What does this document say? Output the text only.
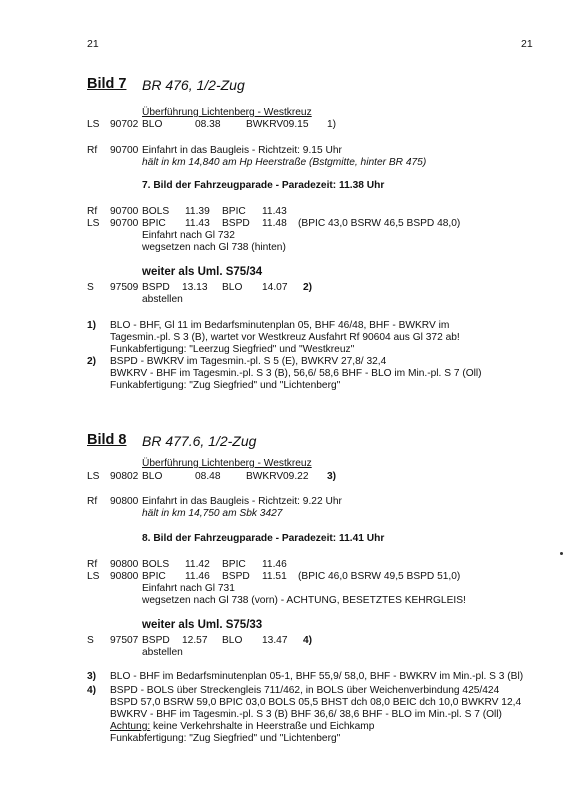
21	21
Bild 7 BR 476, 1/2-Zug
Überführung Lichtenberg - Westkreuz
LS 90702 BLO	08.38	BWKRV 09.15 1)
Rf 90700 Einfahrt in das Baugleis - Richtzeit: 9.15 Uhr
hält in km 14,840 am Hp Heerstraße (Bstgmitte, hinter BR 475)
7. Bild der Fahrzeugparade - Paradezeit: 11.38 Uhr
Rf 90700 BOLS 11.39 BPIC 11.43
LS 90700 BPIC 11.43 BSPD 11.48 (BPIC 43,0 BSRW 46,5 BSPD 48,0)
Einfahrt nach Gl 732
wegsetzen nach Gl 738 (hinten)
weiter als Uml. S75/34
S 97509 BSPD 13.13 BLO 14.07 2)
abstellen
1) BLO - BHF, Gl 11 im Bedarfsminutenplan 05, BHF 46/48, BHF - BWKRV im
Tagesmin.-pl. S 3 (B), wartet vor Westkreuz Ausfahrt Rf 90604 aus Gl 372 ab!
Funkabfertigung: "Leerzug Siegfried" und "Westkreuz"
2) BSPD - BWKRV im Tagesmin.-pl. S 5 (E), BWKRV 27,8/ 32,4
BWKRV - BHF im Tagesmin.-pl. S 3 (B), 56,6/ 58,6 BHF - BLO im Min.-pl. S 7 (Oll)
Funkabfertigung: "Zug Siegfried" und "Lichtenberg"
Bild 8 BR 477.6, 1/2-Zug
Überführung Lichtenberg - Westkreuz
LS 90802 BLO	08.48	BWKRV 09.22 3)
Rf 90800 Einfahrt in das Baugleis - Richtzeit: 9.22 Uhr
hält in km 14,750 am Sbk 3427
8. Bild der Fahrzeugparade - Paradezeit: 11.41 Uhr
Rf 90800 BOLS 11.42 BPIC 11.46
LS 90800 BPIC 11.46 BSPD 11.51 (BPIC 46,0 BSRW 49,5 BSPD 51,0)
Einfahrt nach Gl 731
wegsetzen nach Gl 738 (vorn) - ACHTUNG, BESETZTES KEHRGLEIS!
weiter als Uml. S75/33
S 97507 BSPD 12.57 BLO 13.47 4)
abstellen
3) BLO - BHF im Bedarfsminutenplan 05-1, BHF 55,9/ 58,0, BHF - BWKRV im Min.-pl. S 3 (Bl)
4) BSPD - BOLS über Streckengleis 711/462, in BOLS über Weichenverbindung 425/424
BSPD 57,0 BSRW 59,0 BPIC 03,0 BOLS 05,5 BHST dch 08,0 BEIC dch 10,0 BWKRV 12,4
BWKRV - BHF im Tagesmin.-pl. S 3 (B) BHF 36,6/ 38,6 BHF - BLO im Min.-pl. S 7 (Oll)
Achtung: keine Verkehrshalte in Heerstraße und Eichkamp
Funkabfertigung: "Zug Siegfried" und "Lichtenberg"
